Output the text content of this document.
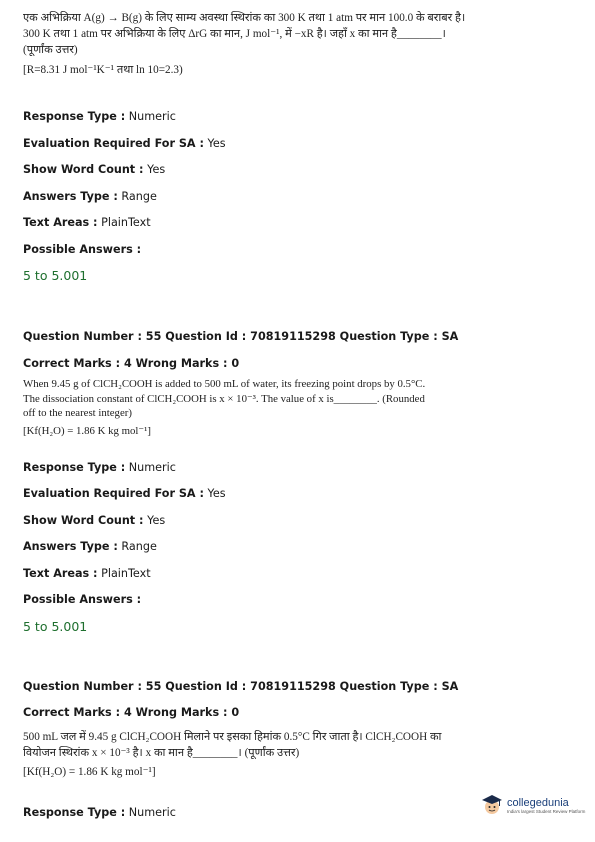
एक अभिक्रिया A(g) → B(g) के लिए साम्य अवस्था स्थिरांक का 300 K तथा 1 atm पर मान 100.0 के बराबर है।
300 K तथा 1 atm पर अभिक्रिया के लिए ΔrG का मान, J mol⁻¹, में −xR है। जहाँ x का मान है________।
(पूर्णांक उत्तर)
[R=8.31 J mol⁻¹K⁻¹ तथा ln 10=2.3)
Response Type : Numeric
Evaluation Required For SA : Yes
Show Word Count : Yes
Answers Type : Range
Text Areas : PlainText
Possible Answers :
5 to 5.001
Question Number : 55 Question Id : 70819115298 Question Type : SA
Correct Marks : 4 Wrong Marks : 0
When 9.45 g of ClCH₂COOH is added to 500 mL of water, its freezing point drops by 0.5°C.
The dissociation constant of ClCH₂COOH is x × 10⁻³. The value of x is________. (Rounded
off to the nearest integer)
[Kf(H₂O) = 1.86 K kg mol⁻¹]
Response Type : Numeric
Evaluation Required For SA : Yes
Show Word Count : Yes
Answers Type : Range
Text Areas : PlainText
Possible Answers :
5 to 5.001
Question Number : 55 Question Id : 70819115298 Question Type : SA
Correct Marks : 4 Wrong Marks : 0
500 mL जल में 9.45 g ClCH₂COOH मिलाने पर इसका हिमांक 0.5°C गिर जाता है। ClCH₂COOH का
वियोजन स्थिरांक x × 10⁻³ है। x का मान है________। (पूर्णांक उत्तर)
[Kf(H₂O) = 1.86 K kg mol⁻¹]
Response Type : Numeric
collegedunia
India's largest Student Review Platform
